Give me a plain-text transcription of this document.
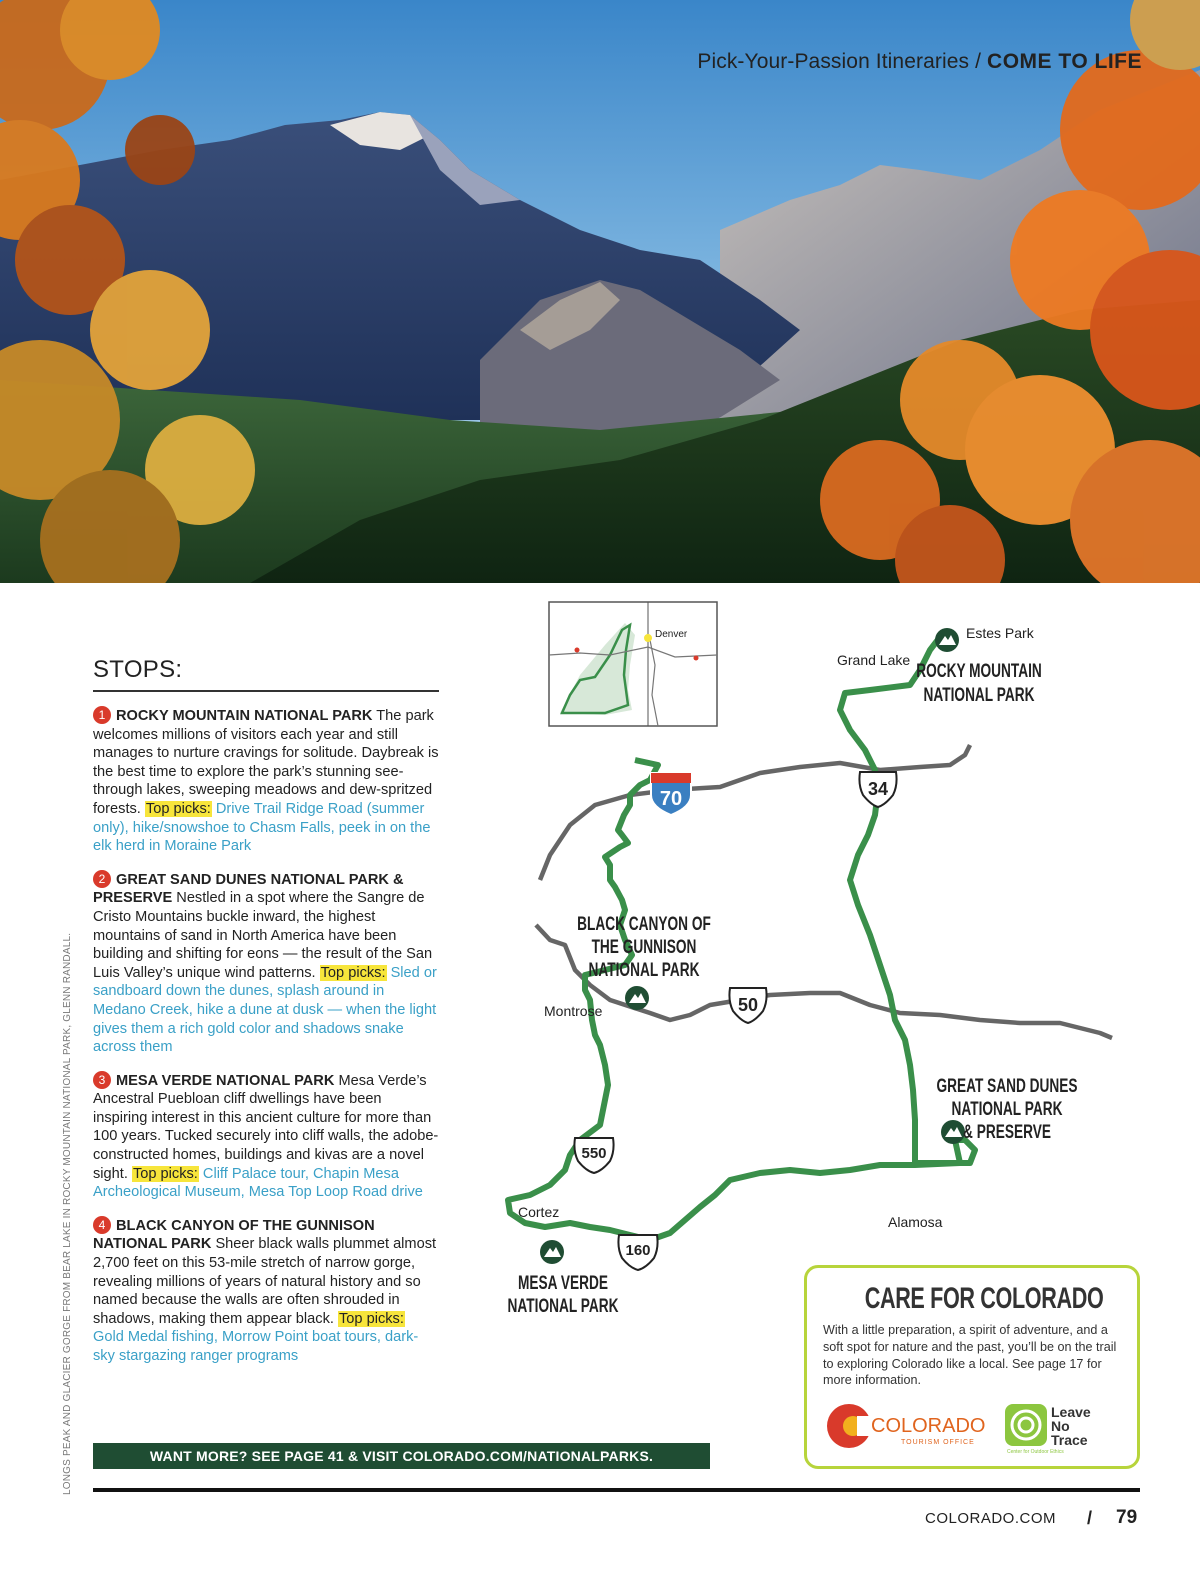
Pick-Your-Passion Itineraries / COME TO LIFE
LONGS PEAK AND GLACIER GORGE FROM BEAR LAKE IN ROCKY MOUNTAIN NATIONAL PARK, GLENN RANDALL.
STOPS:
1 ROCKY MOUNTAIN NATIONAL PARK The park welcomes millions of visitors each year and still manages to nurture cravings for solitude. Daybreak is the best time to explore the park’s stunning see-through lakes, sweeping meadows and dew-spritzed forests. Top picks: Drive Trail Ridge Road (summer only), hike/snowshoe to Chasm Falls, peek in on the elk herd in Moraine Park
2 GREAT SAND DUNES NATIONAL PARK & PRESERVE Nestled in a spot where the Sangre de Cristo Mountains buckle inward, the highest mountains of sand in North America have been building and shifting for eons — the result of the San Luis Valley’s unique wind patterns. Top picks: Sled or sandboard down the dunes, splash around in Medano Creek, hike a dune at dusk — when the light gives them a rich gold color and shadows snake across them
3 MESA VERDE NATIONAL PARK Mesa Verde’s Ancestral Puebloan cliff dwellings have been inspiring interest in this ancient culture for more than 100 years. Tucked securely into cliff walls, the adobe-constructed homes, buildings and kivas are a novel sight. Top picks: Cliff Palace tour, Chapin Mesa Archeological Museum, Mesa Top Loop Road drive
4 BLACK CANYON OF THE GUNNISON NATIONAL PARK Sheer black walls plummet almost 2,700 feet on this 53-mile stretch of narrow gorge, revealing millions of years of natural history and so named because the walls are often shrouded in shadows, making them appear black. Top picks: Gold Medal fishing, Morrow Point boat tours, dark-sky stargazing ranger programs
WANT MORE? SEE PAGE 41 & VISIT COLORADO.COM/NATIONALPARKS.
Denver
70	34
50
550
160
Estes Park
Grand Lake
Montrose
Cortez
Alamosa
ROCKY MOUNTAIN
NATIONAL PARK
BLACK CANYON OF
THE GUNNISON
NATIONAL PARK
GREAT SAND DUNES
NATIONAL PARK
& PRESERVE
MESA VERDE
NATIONAL PARK	CARE FOR COLORADO
With a little preparation, a spirit of adventure, and a soft spot for nature and the past, you’ll be on the trail to exploring Colorado like a local. See page 17 for more information.
COLORADO
TOURISM OFFICE
Leave
No
Trace
Center for Outdoor Ethics
COLORADO.COM / 79
